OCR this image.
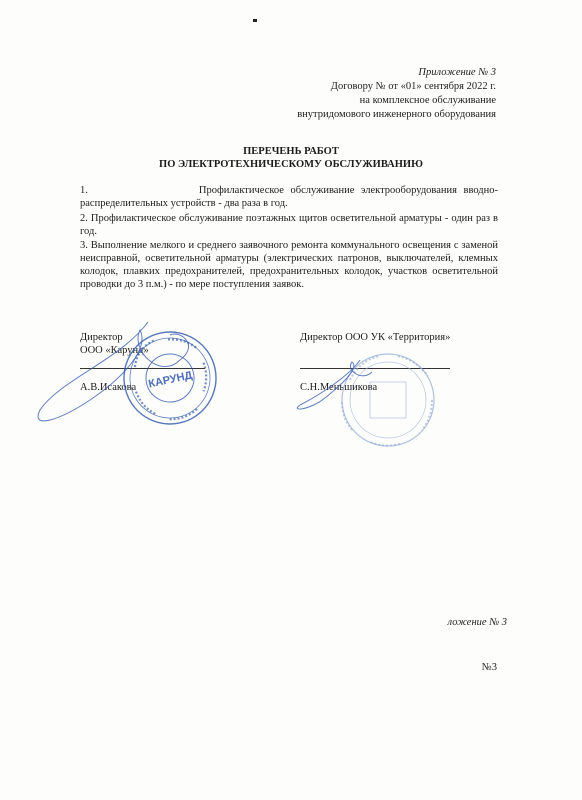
Приложение № 3
Договору № от «01» сентября 2022 г.
на комплексное обслуживание
внутридомового инженерного оборудования
ПЕРЕЧЕНЬ РАБОТ
ПО ЭЛЕКТРОТЕХНИЧЕСКОМУ ОБСЛУЖИВАНИЮ
1.                 Профилактическое обслуживание электрооборудования вводно-распределительных устройств - два раза в год.
2. Профилактическое обслуживание поэтажных щитов осветительной арматуры - один раз в год.
3. Выполнение мелкого и среднего заявочного ремонта коммунального освещения с заменой неисправной, осветительной арматуры (электрических патронов, выключателей, клемных колодок, плавких предохранителей, предохранительных колодок, участков осветительной проводки до 3 п.м.) - по мере поступления заявок.
Директор
ООО «Карунд»
А.В.Исакова
Директор ООО УК «Территория»
С.Н.Меньшикова
КАРУНД
ложение № 3
№3
